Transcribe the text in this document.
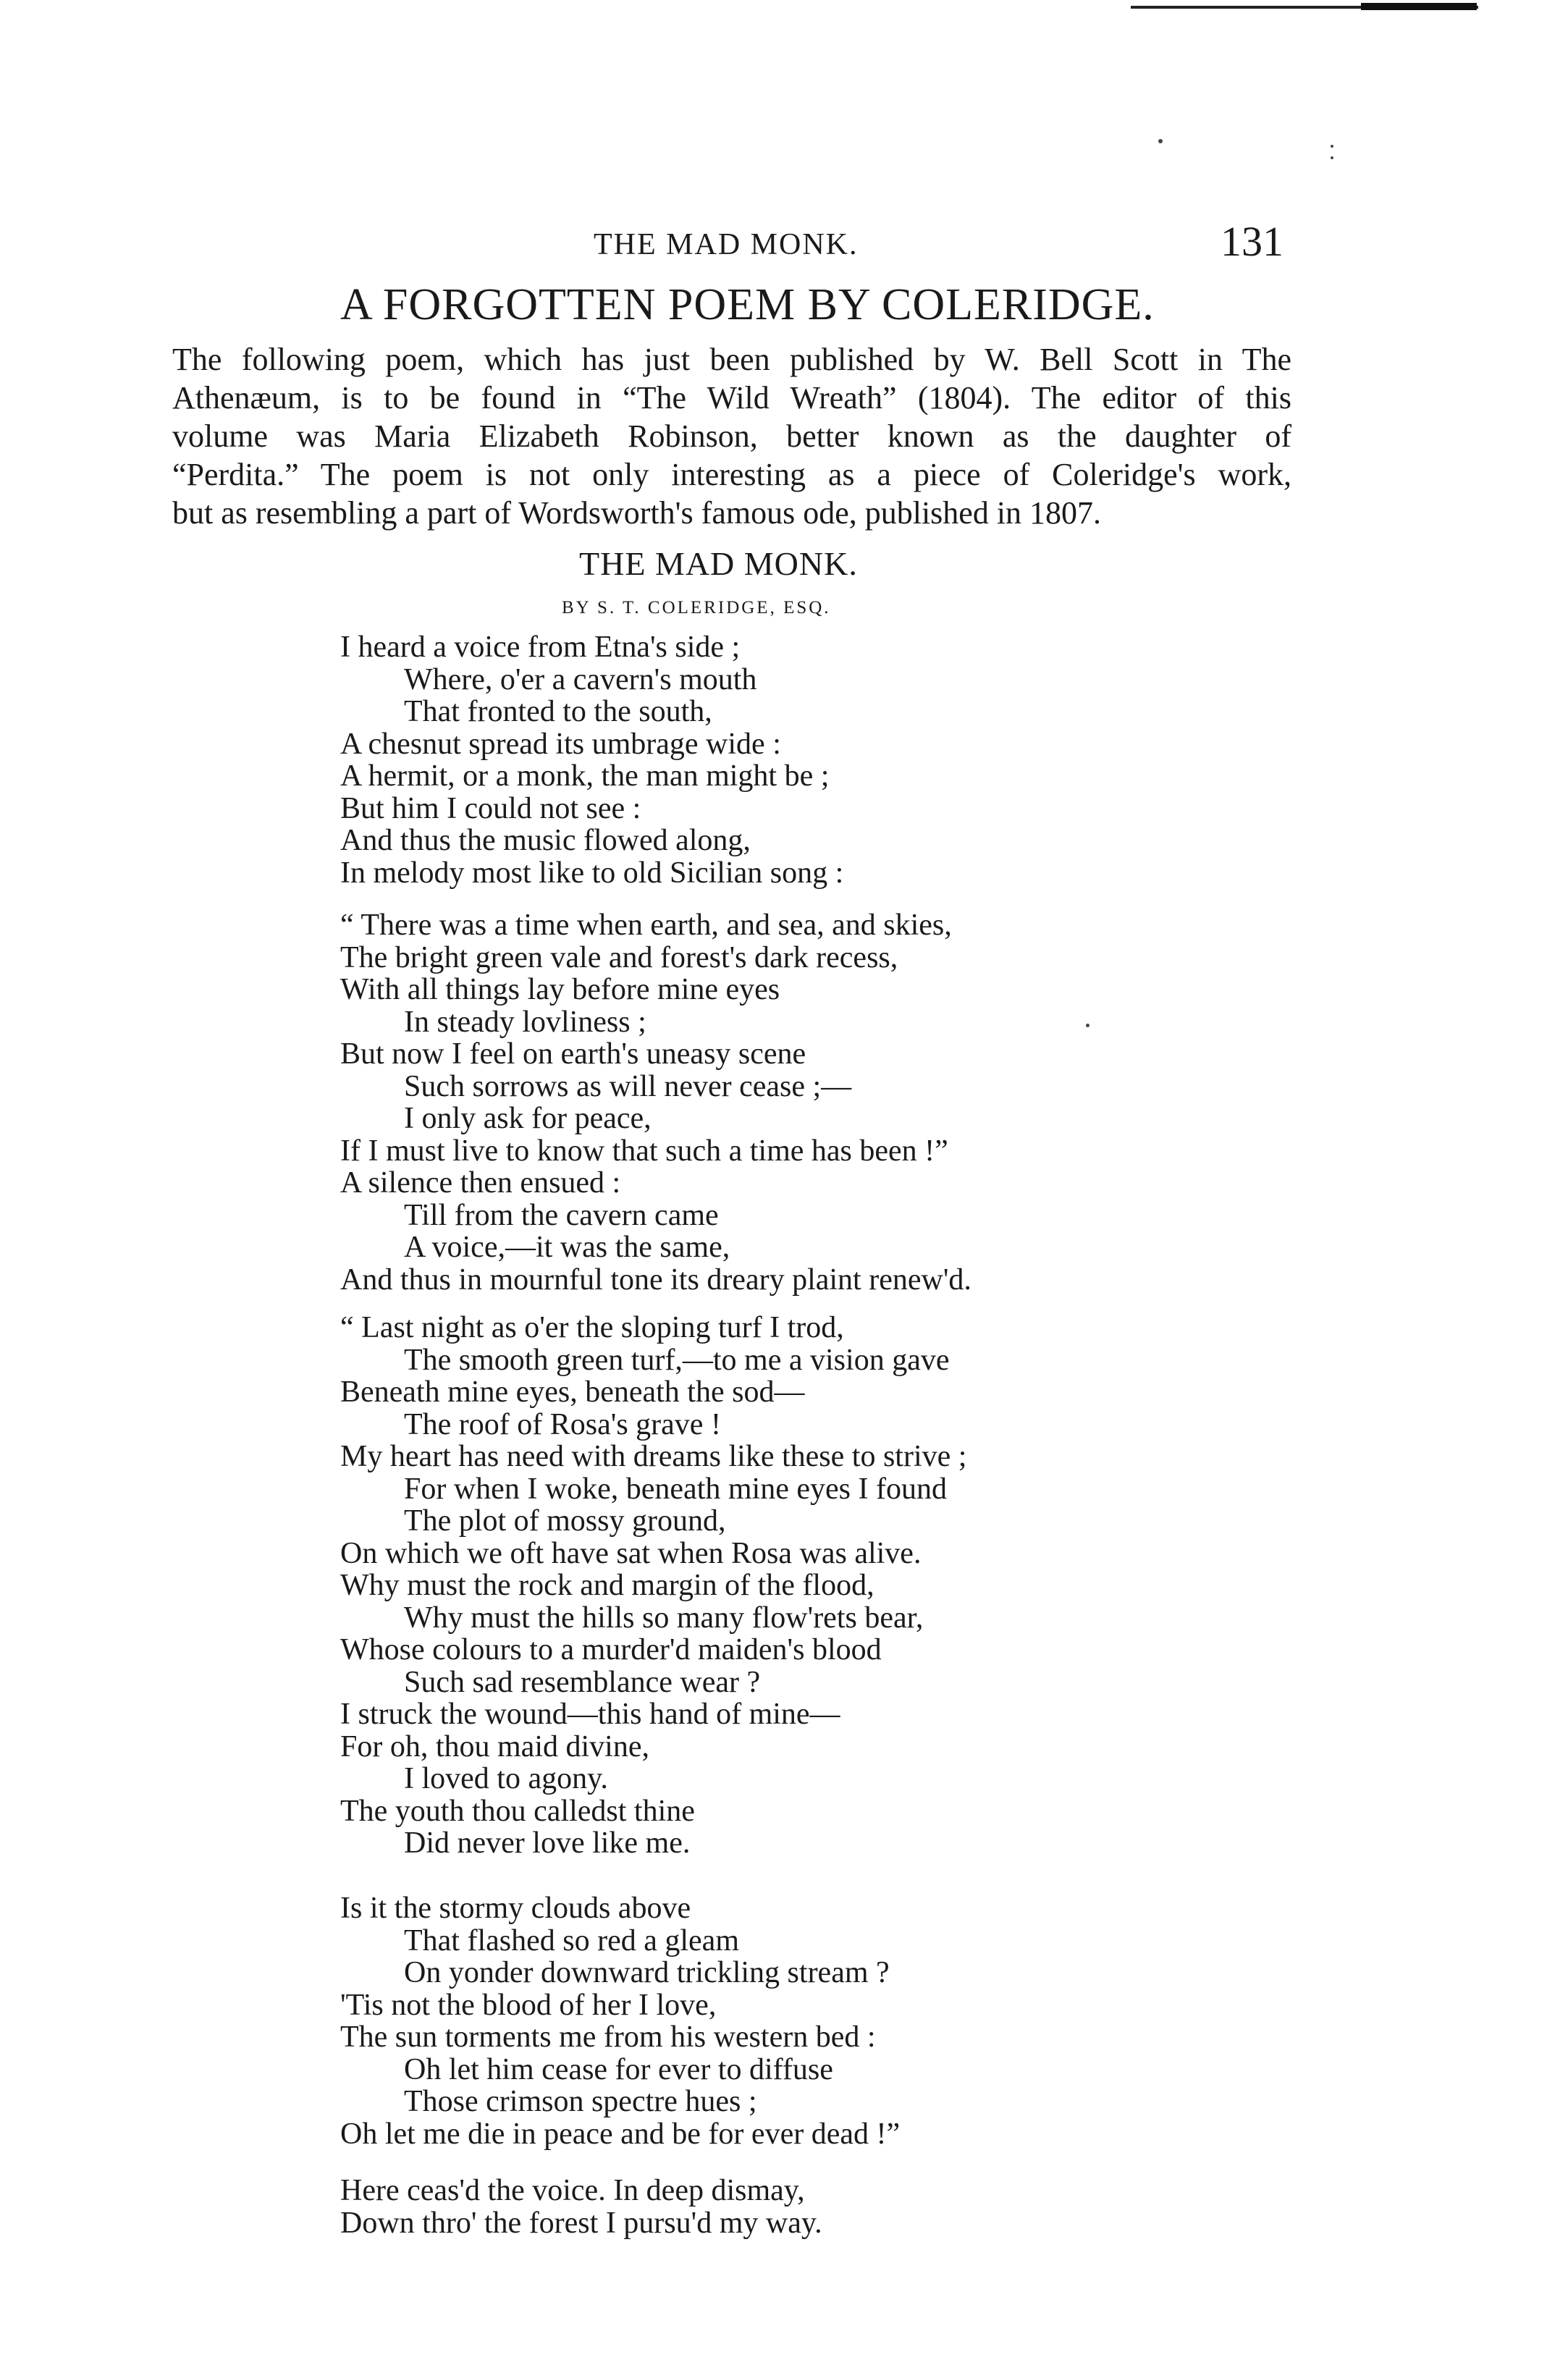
THE MAD MONK.	131
A FORGOTTEN POEM BY COLERIDGE.
The following poem, which has just been published by W. Bell Scott in The
Athenæum, is to be found in “The Wild Wreath” (1804). The editor of this
volume was Maria Elizabeth Robinson, better known as the daughter of
“Perdita.” The poem is not only interesting as a piece of Coleridge's work,
but as resembling a part of Wordsworth's famous ode, published in 1807.
THE MAD MONK.
BY S. T. COLERIDGE, ESQ.
I heard a voice from Etna's side ;
Where, o'er a cavern's mouth
That fronted to the south,
A chesnut spread its umbrage wide :
A hermit, or a monk, the man might be ;
But him I could not see :
And thus the music flowed along,
In melody most like to old Sicilian song :
“ There was a time when earth, and sea, and skies,
The bright green vale and forest's dark recess,
With all things lay before mine eyes
In steady lovliness ;
But now I feel on earth's uneasy scene
Such sorrows as will never cease ;—
I only ask for peace,
If I must live to know that such a time has been !”
A silence then ensued :
Till from the cavern came
A voice,—it was the same,
And thus in mournful tone its dreary plaint renew'd.
“ Last night as o'er the sloping turf I trod,
The smooth green turf,—to me a vision gave
Beneath mine eyes, beneath the sod—
The roof of Rosa's grave !
My heart has need with dreams like these to strive ;
For when I woke, beneath mine eyes I found
The plot of mossy ground,
On which we oft have sat when Rosa was alive.
Why must the rock and margin of the flood,
Why must the hills so many flow'rets bear,
Whose colours to a murder'd maiden's blood
Such sad resemblance wear ?
I struck the wound—this hand of mine—
For oh, thou maid divine,
I loved to agony.
The youth thou calledst thine
Did never love like me.
Is it the stormy clouds above
That flashed so red a gleam
On yonder downward trickling stream ?
'Tis not the blood of her I love,
The sun torments me from his western bed :
Oh let him cease for ever to diffuse
Those crimson spectre hues ;
Oh let me die in peace and be for ever dead !”
Here ceas'd the voice. In deep dismay,
Down thro' the forest I pursu'd my way.
